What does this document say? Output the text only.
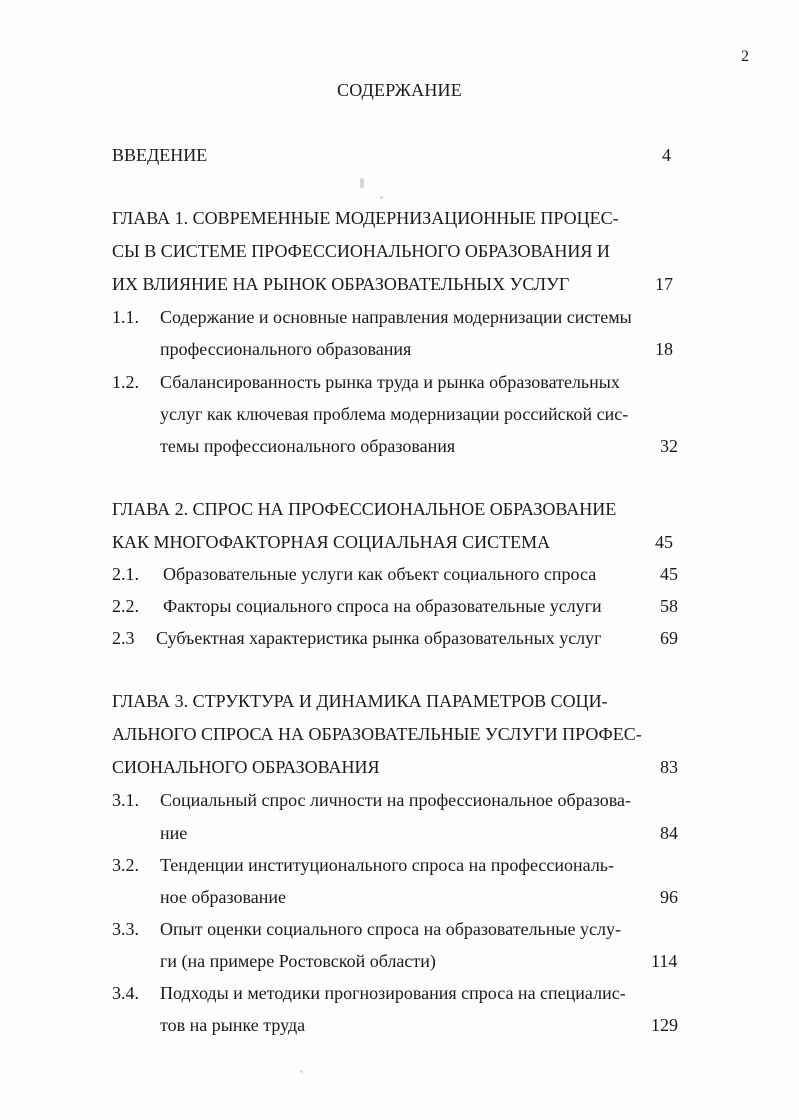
2
СОДЕРЖАНИЕ
ВВЕДЕНИЕ	4
ГЛАВА 1. СОВРЕМЕННЫЕ МОДЕРНИЗАЦИОННЫЕ ПРОЦЕС-
СЫ В СИСТЕМЕ ПРОФЕССИОНАЛЬНОГО ОБРАЗОВАНИЯ И
ИХ ВЛИЯНИЕ НА РЫНОК ОБРАЗОВАТЕЛЬНЫХ УСЛУГ	17
1.1. Содержание и основные направления модернизации системы
профессионального образования	18
1.2. Сбалансированность рынка труда и рынка образовательных
услуг как ключевая проблема модернизации российской сис-
темы профессионального образования	32
ГЛАВА 2. СПРОС НА ПРОФЕССИОНАЛЬНОЕ ОБРАЗОВАНИЕ
КАК МНОГОФАКТОРНАЯ СОЦИАЛЬНАЯ СИСТЕМА	45
2.1. Образовательные услуги как объект социального спроса	45
2.2. Факторы социального спроса на образовательные услуги	58
2.3 Субъектная характеристика рынка образовательных услуг	69
ГЛАВА 3. СТРУКТУРА И ДИНАМИКА ПАРАМЕТРОВ СОЦИ-
АЛЬНОГО СПРОСА НА ОБРАЗОВАТЕЛЬНЫЕ УСЛУГИ ПРОФЕС-
СИОНАЛЬНОГО ОБРАЗОВАНИЯ	83
3.1. Социальный спрос личности на профессиональное образова-
ние	84
3.2. Тенденции институционального спроса на профессиональ-
ное образование	96
3.3. Опыт оценки социального спроса на образовательные услу-
ги (на примере Ростовской области)	114
3.4. Подходы и методики прогнозирования спроса на специалис-
тов на рынке труда	129
